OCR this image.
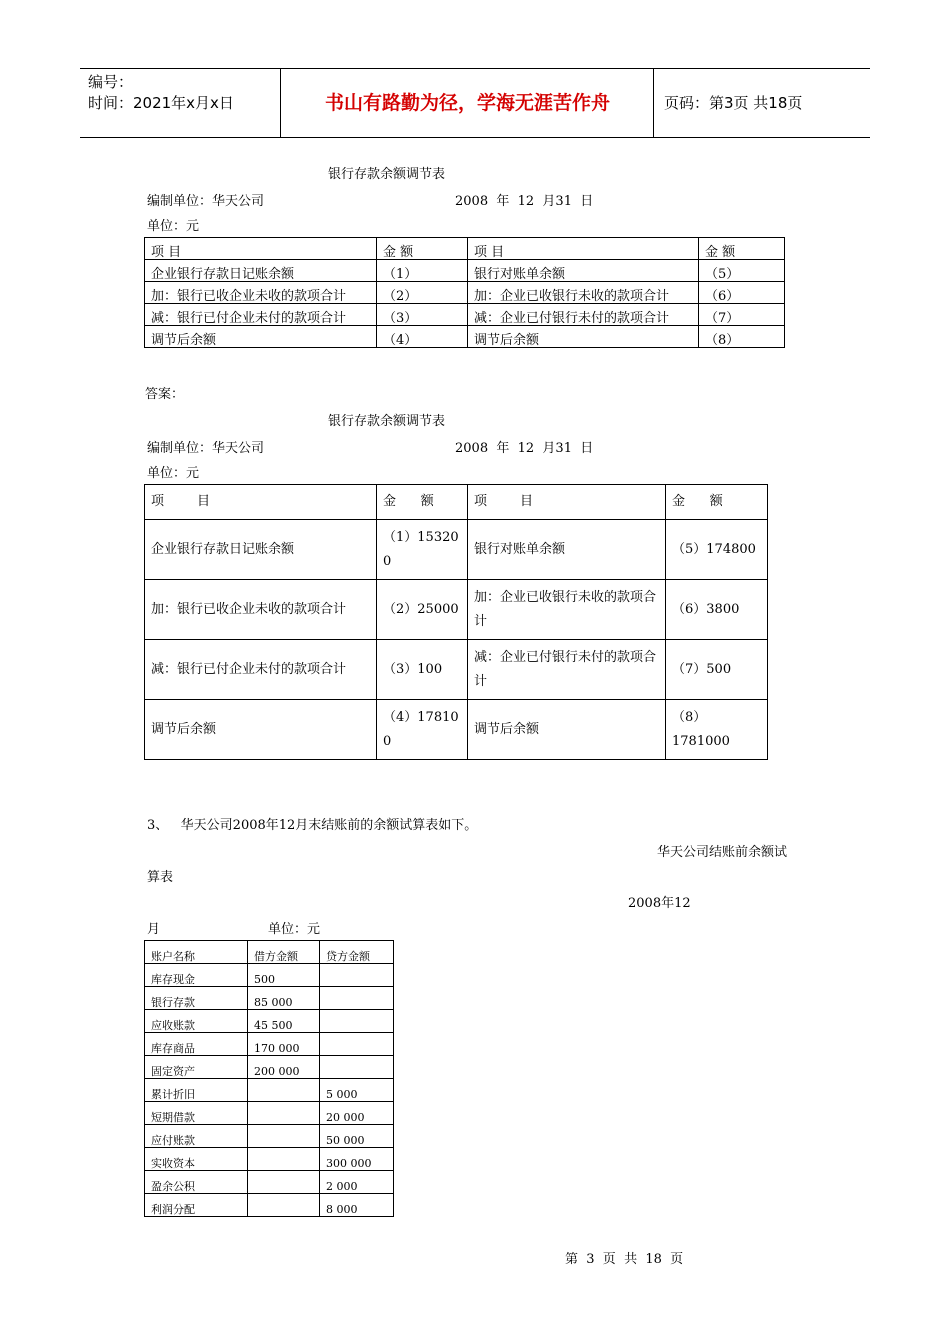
编号：
时间：2021年x月x日	书山有路勤为径，学海无涯苦作舟	页码：第3页 共18页
银行存款余额调节表
编制单位：华天公司	2008  年  12  月31  日
单位：元
项 目	金 额	项 目	金 额

企业银行存款日记账余额	（1）	银行对账单余额	（5）

加：银行已收企业未收的款项合计	（2）	加：企业已收银行未收的款项合计	（6）

减：银行已付企业未付的款项合计	（3）	减：企业已付银行未付的款项合计	（7）

调节后余额	（4）	调节后余额	（8）
答案：
银行存款余额调节表
编制单位：华天公司	2008  年  12  月31  日
单位：元
项        目	金      额	项        目	金      额
企业银行存款日记账余额	（1）153200	银行对账单余额	（5）174800
加：银行已收企业未收的款项合计	（2）25000	加：企业已收银行未收的款项合计	（6）3800
减：银行已付企业未付的款项合计	（3）100	减：企业已付银行未付的款项合计	（7）500
调节后余额	（4）178100	调节后余额	（8）1781000
3、   华天公司2008年12月末结账前的余额试算表如下。
华天公司结账前余额试
算表
2008年12
月	单位：元
账户名称	借方金额	贷方金额

库存现金	500	

银行存款	85 000	

应收账款	45 500	

库存商品	170 000	

固定资产	200 000	

累计折旧		5 000

短期借款		20 000

应付账款		50 000

实收资本		300 000

盈余公积		2 000

利润分配		8 000
第  3  页  共  18  页
